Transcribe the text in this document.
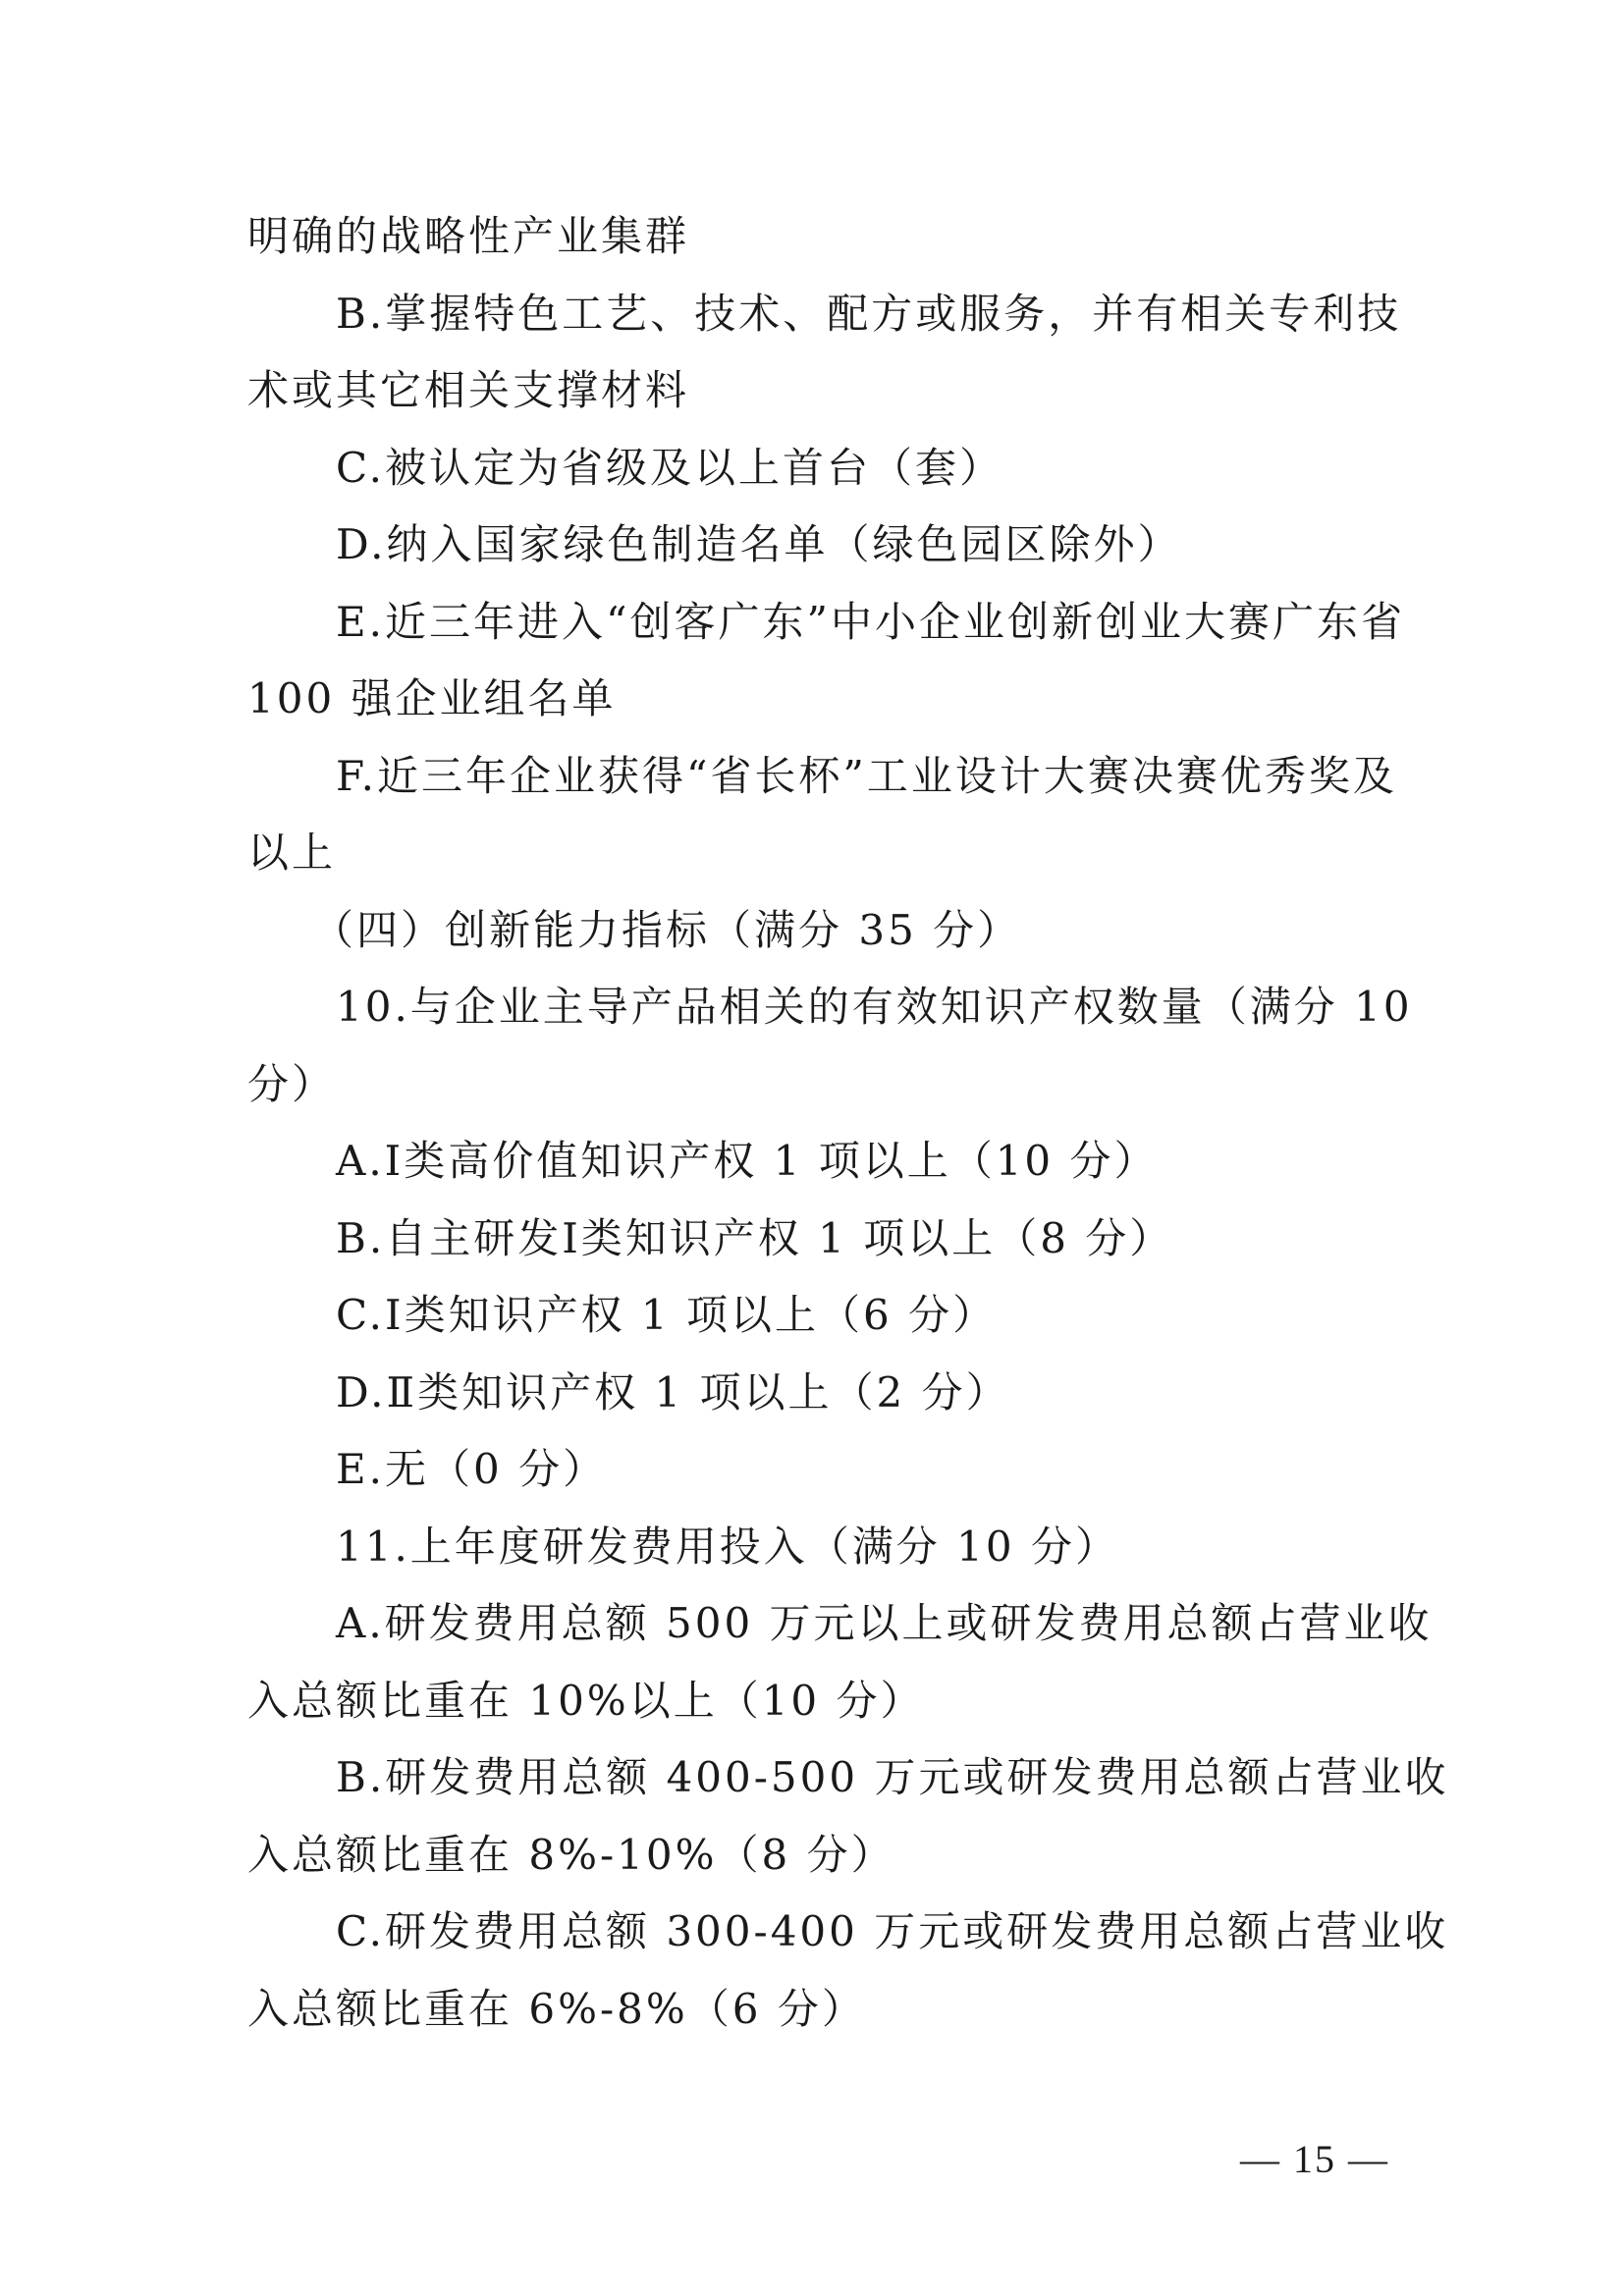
明确的战略性产业集群
B.掌握特色工艺、技术、配方或服务，并有相关专利技
术或其它相关支撑材料
C.被认定为省级及以上首台（套）
D.纳入国家绿色制造名单（绿色园区除外）
E.近三年进入“创客广东”中小企业创新创业大赛广东省
100 强企业组名单
F.近三年企业获得“省长杯”工业设计大赛决赛优秀奖及
以上
（四）创新能力指标（满分 35 分）
10.与企业主导产品相关的有效知识产权数量（满分 10
分）
A.Ⅰ类高价值知识产权 1 项以上（10 分）
B.自主研发Ⅰ类知识产权 1 项以上（8 分）
C.Ⅰ类知识产权 1 项以上（6 分）
D.Ⅱ类知识产权 1 项以上（2 分）
E.无（0 分）
11.上年度研发费用投入（满分 10 分）
A.研发费用总额 500 万元以上或研发费用总额占营业收
入总额比重在 10%以上（10 分）
B.研发费用总额 400-500 万元或研发费用总额占营业收
入总额比重在 8%-10%（8 分）
C.研发费用总额 300-400 万元或研发费用总额占营业收
入总额比重在 6%-8%（6 分）
— 15 —
